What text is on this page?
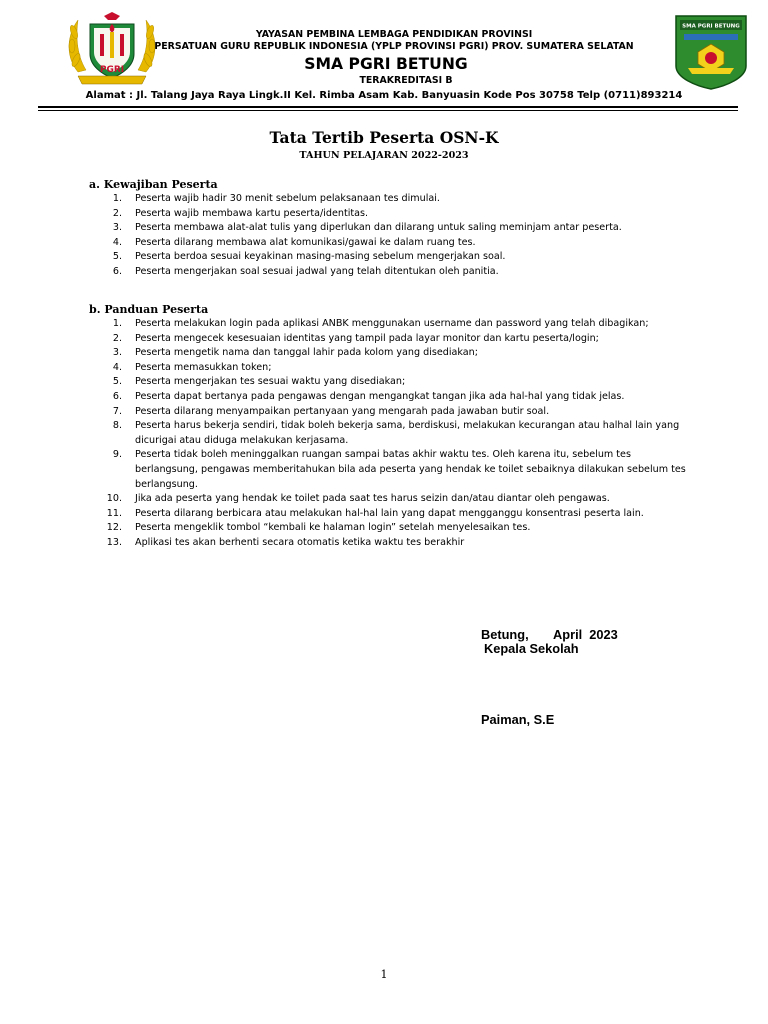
PGRI
SMA PGRI BETUNG
YAYASAN PEMBINA LEMBAGA PENDIDIKAN PROVINSI
PERSATUAN GURU REPUBLIK INDONESIA (YPLP PROVINSI PGRI) PROV. SUMATERA SELATAN
SMA PGRI BETUNG
TERAKREDITASI B
Alamat : Jl. Talang Jaya Raya Lingk.II Kel. Rimba Asam Kab. Banyuasin Kode Pos 30758 Telp (0711)893214
Tata Tertib Peserta OSN-K
TAHUN PELAJARAN 2022-2023
a. Kewajiban Peserta
1. Peserta wajib hadir 30 menit sebelum pelaksanaan tes dimulai.
2. Peserta wajib membawa kartu peserta/identitas.
3. Peserta membawa alat-alat tulis yang diperlukan dan dilarang untuk saling meminjam antar peserta.
4. Peserta dilarang membawa alat komunikasi/gawai ke dalam ruang tes.
5. Peserta berdoa sesuai keyakinan masing-masing sebelum mengerjakan soal.
6. Peserta mengerjakan soal sesuai jadwal yang telah ditentukan oleh panitia.
b. Panduan Peserta
1. Peserta melakukan login pada aplikasi ANBK menggunakan username dan password yang telah dibagikan;
2. Peserta mengecek kesesuaian identitas yang tampil pada layar monitor dan kartu peserta/login;
3. Peserta mengetik nama dan tanggal lahir pada kolom yang disediakan;
4. Peserta memasukkan token;
5. Peserta mengerjakan tes sesuai waktu yang disediakan;
6. Peserta dapat bertanya pada pengawas dengan mengangkat tangan jika ada hal-hal yang tidak jelas.
7. Peserta dilarang menyampaikan pertanyaan yang mengarah pada jawaban butir soal.
8. Peserta harus bekerja sendiri, tidak boleh bekerja sama, berdiskusi, melakukan kecurangan atau halhal lain yang dicurigai atau diduga melakukan kerjasama.
9. Peserta tidak boleh meninggalkan ruangan sampai batas akhir waktu tes. Oleh karena itu, sebelum tes berlangsung, pengawas memberitahukan bila ada peserta yang hendak ke toilet sebaiknya dilakukan sebelum tes berlangsung.
10. Jika ada peserta yang hendak ke toilet pada saat tes harus seizin dan/atau diantar oleh pengawas.
11. Peserta dilarang berbicara atau melakukan hal-hal lain yang dapat mengganggu konsentrasi peserta lain.
12. Peserta mengeklik tombol “kembali ke halaman login” setelah menyelesaikan tes.
13. Aplikasi tes akan berhenti secara otomatis ketika waktu tes berakhir
Betung,       April  2023
Kepala Sekolah
Paiman, S.E
1
